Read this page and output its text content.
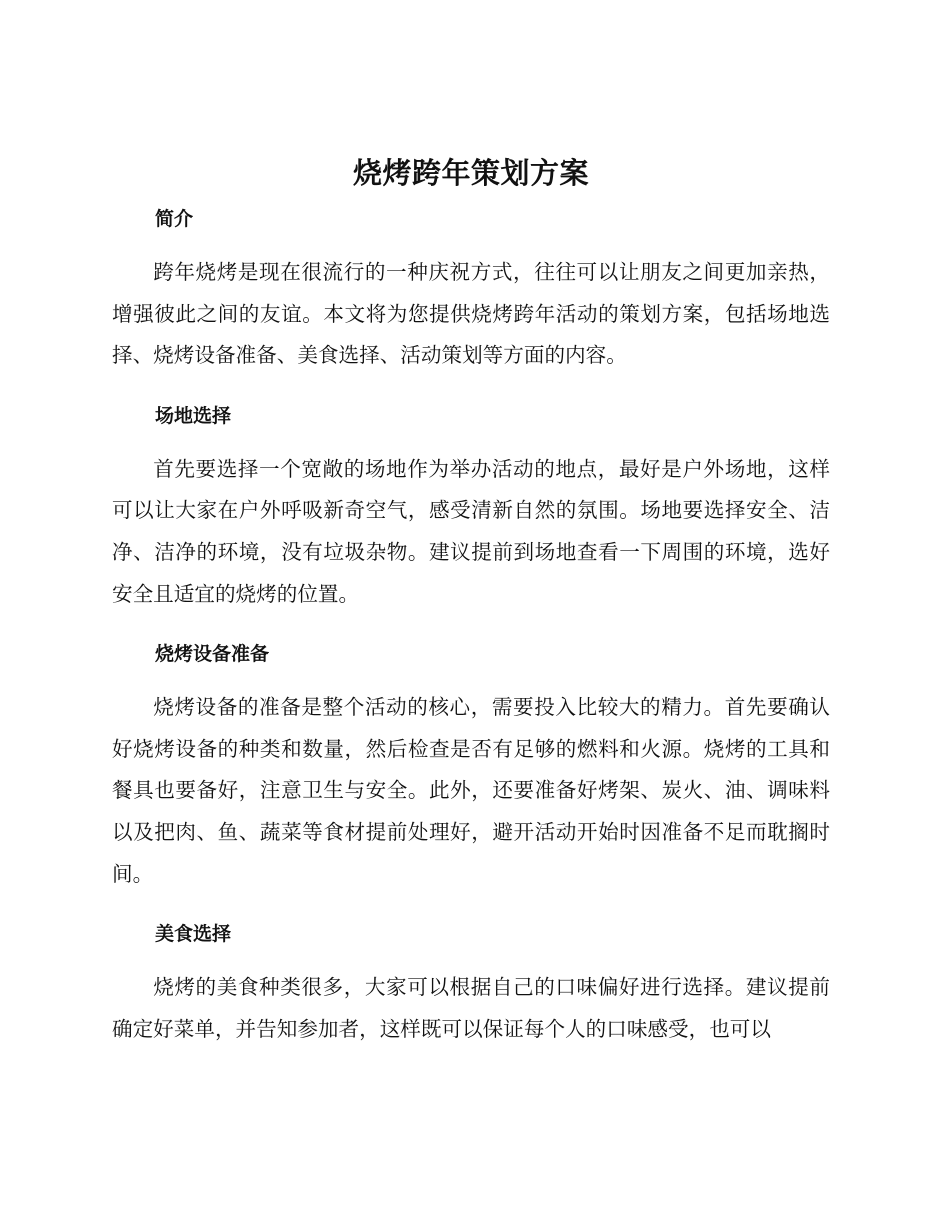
烧烤跨年策划方案
简介

跨年烧烤是现在很流行的一种庆祝方式，往往可以让朋友之间更加亲热，增强彼此之间的友谊。本文将为您提供烧烤跨年活动的策划方案，包括场地选择、烧烤设备准备、美食选择、活动策划等方面的内容。

场地选择

首先要选择一个宽敞的场地作为举办活动的地点，最好是户外场地，这样可以让大家在户外呼吸新奇空气，感受清新自然的氛围。场地要选择安全、洁净、洁净的环境，没有垃圾杂物。建议提前到场地查看一下周围的环境，选好安全且适宜的烧烤的位置。

烧烤设备准备

烧烤设备的准备是整个活动的核心，需要投入比较大的精力。首先要确认好烧烤设备的种类和数量，然后检查是否有足够的燃料和火源。烧烤的工具和餐具也要备好，注意卫生与安全。此外，还要准备好烤架、炭火、油、调味料以及把肉、鱼、蔬菜等食材提前处理好，避开活动开始时因准备不足而耽搁时间。

美食选择

烧烤的美食种类很多，大家可以根据自己的口味偏好进行选择。建议提前确定好菜单，并告知参加者，这样既可以保证每个人的口味感受，也可以
